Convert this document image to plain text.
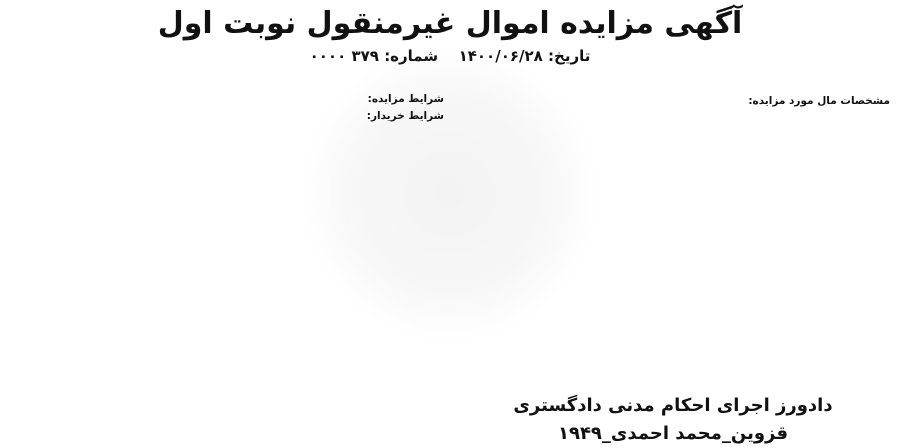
آگهی مزایده اموال غیرمنقول نوبت اول
تاریخ: ۱۴۰۰/۰۶/۲۸  شماره: ۳۷۹ ۰۰۰۰

مشخصات مال مورد مزایده:

شرایط مزایده:

شرایط خریدار:

دادورز اجرای احکام مدنی دادگستری قزوین_محمد احمدی_۱۹۴۹
